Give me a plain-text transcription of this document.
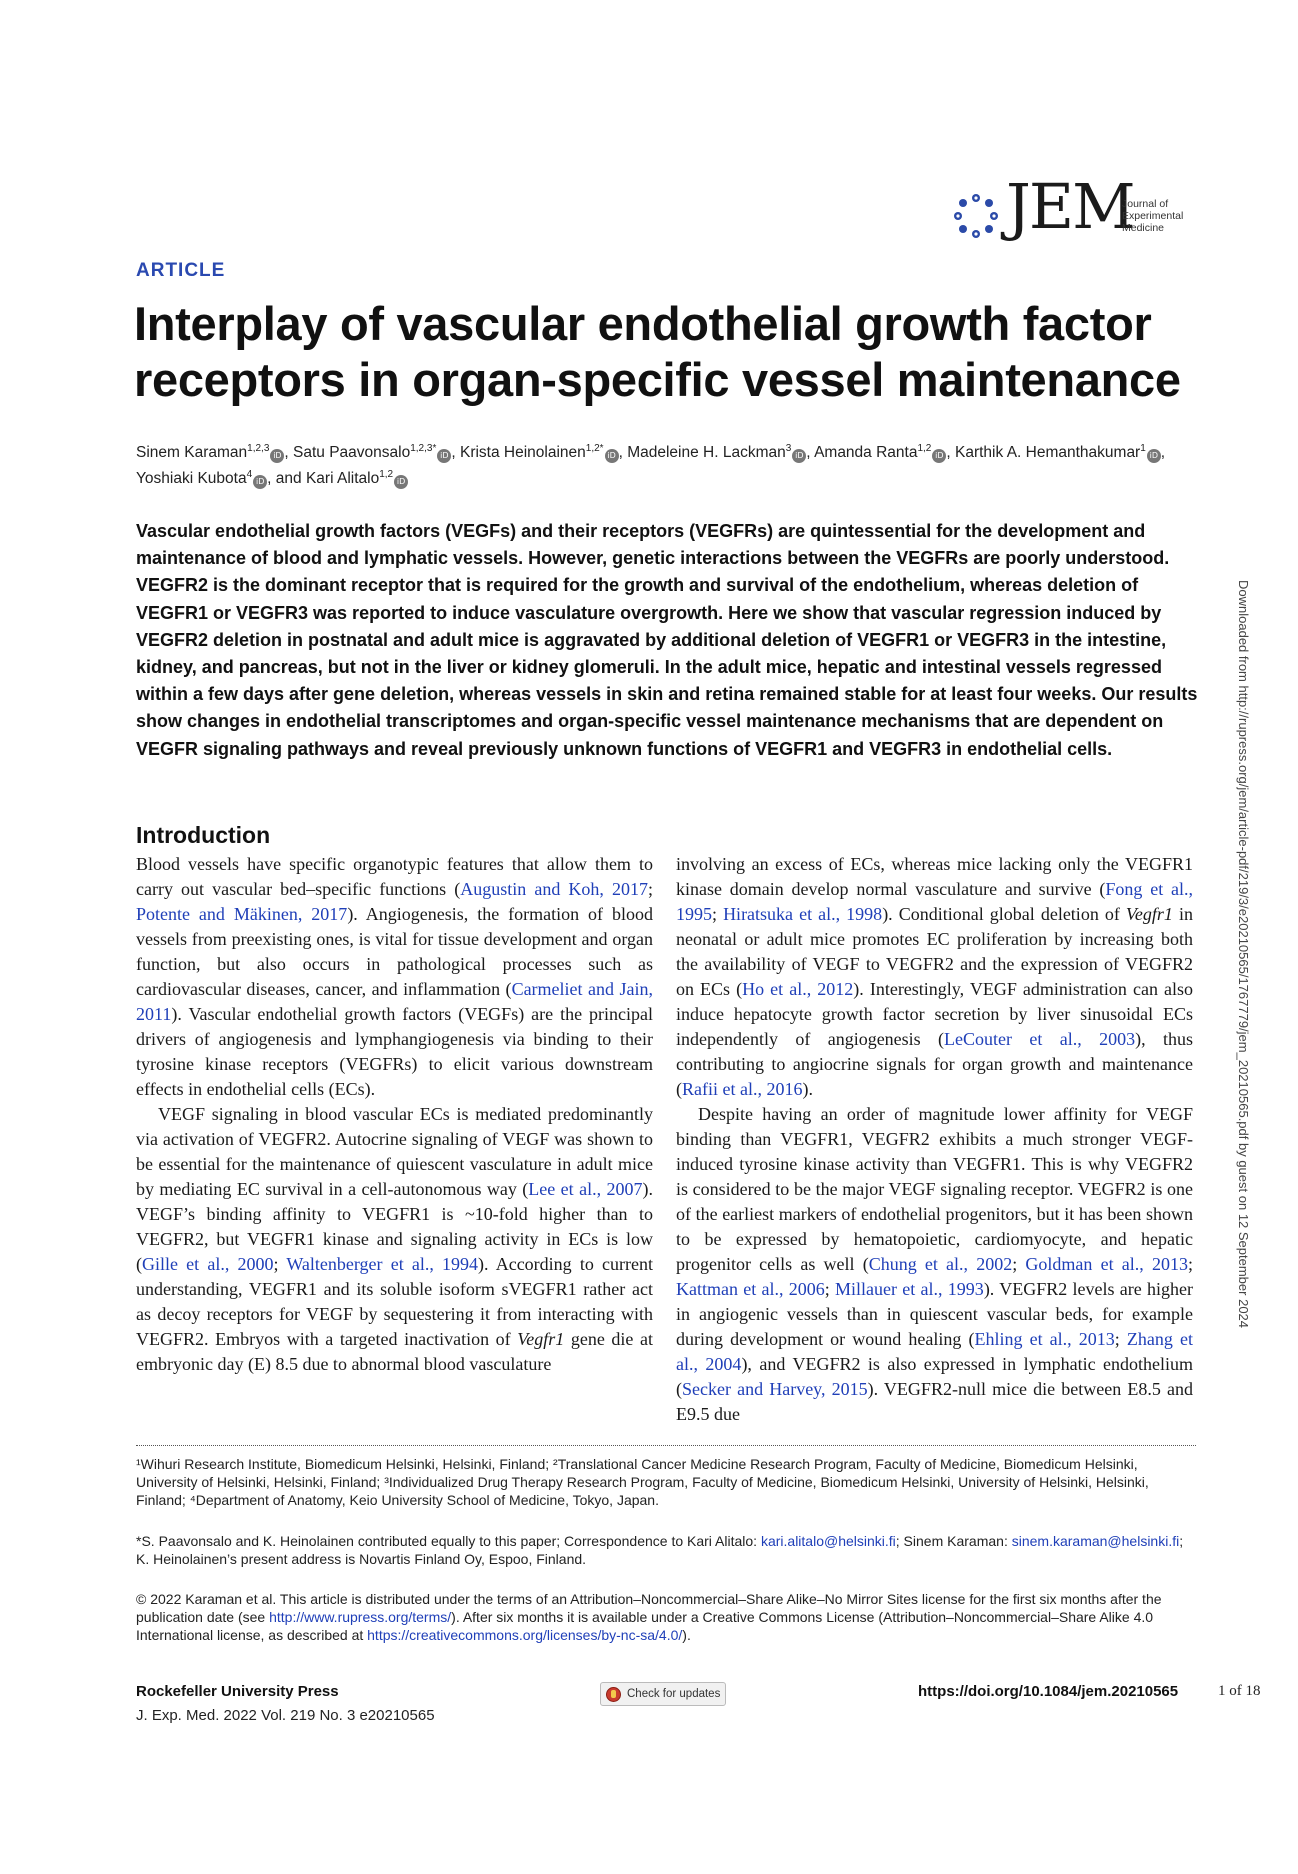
JEM
Journal of
Experimental
Medicine
ARTICLE
Interplay of vascular endothelial growth factor receptors in organ-specific vessel maintenance
Sinem Karaman$^{1,2,3}$iD , Satu Paavonsalo$^{1,2,3*}$iD , Krista Heinolainen$^{1,2*}$iD , Madeleine H. Lackman$^3$iD , Amanda Ranta$^{1,2}$iD , Karthik A. Hemanthakumar$^1$iD , Yoshiaki Kubota$^4$iD , and Kari Alitalo$^{1,2}$iD
Vascular endothelial growth factors (VEGFs) and their receptors (VEGFRs) are quintessential for the development and maintenance of blood and lymphatic vessels. However, genetic interactions between the VEGFRs are poorly understood. VEGFR2 is the dominant receptor that is required for the growth and survival of the endothelium, whereas deletion of VEGFR1 or VEGFR3 was reported to induce vasculature overgrowth. Here we show that vascular regression induced by VEGFR2 deletion in postnatal and adult mice is aggravated by additional deletion of VEGFR1 or VEGFR3 in the intestine, kidney, and pancreas, but not in the liver or kidney glomeruli. In the adult mice, hepatic and intestinal vessels regressed within a few days after gene deletion, whereas vessels in skin and retina remained stable for at least four weeks. Our results show changes in endothelial transcriptomes and organ-specific vessel maintenance mechanisms that are dependent on VEGFR signaling pathways and reveal previously unknown functions of VEGFR1 and VEGFR3 in endothelial cells.
Introduction

Blood vessels have specific organotypic features that allow them to carry out vascular bed–specific functions (Augustin and Koh, 2017; Potente and Mäkinen, 2017). Angiogenesis, the formation of blood vessels from preexisting ones, is vital for tissue development and organ function, but also occurs in pathological processes such as cardiovascular diseases, cancer, and inflammation (Carmeliet and Jain, 2011). Vascular endothelial growth factors (VEGFs) are the principal drivers of angiogenesis and lymphangiogenesis via binding to their tyrosine kinase receptors (VEGFRs) to elicit various downstream effects in endothelial cells (ECs).

VEGF signaling in blood vascular ECs is mediated predominantly via activation of VEGFR2. Autocrine signaling of VEGF was shown to be essential for the maintenance of quiescent vasculature in adult mice by mediating EC survival in a cell-autonomous way (Lee et al., 2007). VEGF’s binding affinity to VEGFR1 is ~10-fold higher than to VEGFR2, but VEGFR1 kinase and signaling activity in ECs is low (Gille et al., 2000; Waltenberger et al., 1994). According to current understanding, VEGFR1 and its soluble isoform sVEGFR1 rather act as decoy receptors for VEGF by sequestering it from interacting with VEGFR2. Embryos with a targeted inactivation of Vegfr1 gene die at embryonic day (E) 8.5 due to abnormal blood vasculature

involving an excess of ECs, whereas mice lacking only the VEGFR1 kinase domain develop normal vasculature and survive (Fong et al., 1995; Hiratsuka et al., 1998). Conditional global deletion of Vegfr1 in neonatal or adult mice promotes EC proliferation by increasing both the availability of VEGF to VEGFR2 and the expression of VEGFR2 on ECs (Ho et al., 2012). Interestingly, VEGF administration can also induce hepatocyte growth factor secretion by liver sinusoidal ECs independently of angiogenesis (LeCouter et al., 2003), thus contributing to angiocrine signals for organ growth and maintenance (Rafii et al., 2016).

Despite having an order of magnitude lower affinity for VEGF binding than VEGFR1, VEGFR2 exhibits a much stronger VEGF-induced tyrosine kinase activity than VEGFR1. This is why VEGFR2 is considered to be the major VEGF signaling receptor. VEGFR2 is one of the earliest markers of endothelial progenitors, but it has been shown to be expressed by hematopoietic, cardiomyocyte, and hepatic progenitor cells as well (Chung et al., 2002; Goldman et al., 2013; Kattman et al., 2006; Millauer et al., 1993). VEGFR2 levels are higher in angiogenic vessels than in quiescent vascular beds, for example during development or wound healing (Ehling et al., 2013; Zhang et al., 2004), and VEGFR2 is also expressed in lymphatic endothelium (Secker and Harvey, 2015). VEGFR2-null mice die between E8.5 and E9.5 due

¹Wihuri Research Institute, Biomedicum Helsinki, Helsinki, Finland; ²Translational Cancer Medicine Research Program, Faculty of Medicine, Biomedicum Helsinki, University of Helsinki, Helsinki, Finland; ³Individualized Drug Therapy Research Program, Faculty of Medicine, Biomedicum Helsinki, University of Helsinki, Helsinki, Finland; ⁴Department of Anatomy, Keio University School of Medicine, Tokyo, Japan.
*S. Paavonsalo and K. Heinolainen contributed equally to this paper; Correspondence to Kari Alitalo: kari.alitalo@helsinki.fi; Sinem Karaman: sinem.karaman@helsinki.fi; K. Heinolainen’s present address is Novartis Finland Oy, Espoo, Finland.
© 2022 Karaman et al. This article is distributed under the terms of an Attribution–Noncommercial–Share Alike–No Mirror Sites license for the first six months after the publication date (see http://www.rupress.org/terms/). After six months it is available under a Creative Commons License (Attribution–Noncommercial–Share Alike 4.0 International license, as described at https://creativecommons.org/licenses/by-nc-sa/4.0/).
Downloaded from http://rupress.org/jem/article-pdf/219/3/e20210565/1767779/jem_20210565.pdf by guest on 12 September 2024
Rockefeller University Press
J. Exp. Med. 2022 Vol. 219 No. 3 e20210565
Check for updates	https://doi.org/10.1084/jem.20210565	1 of 18
